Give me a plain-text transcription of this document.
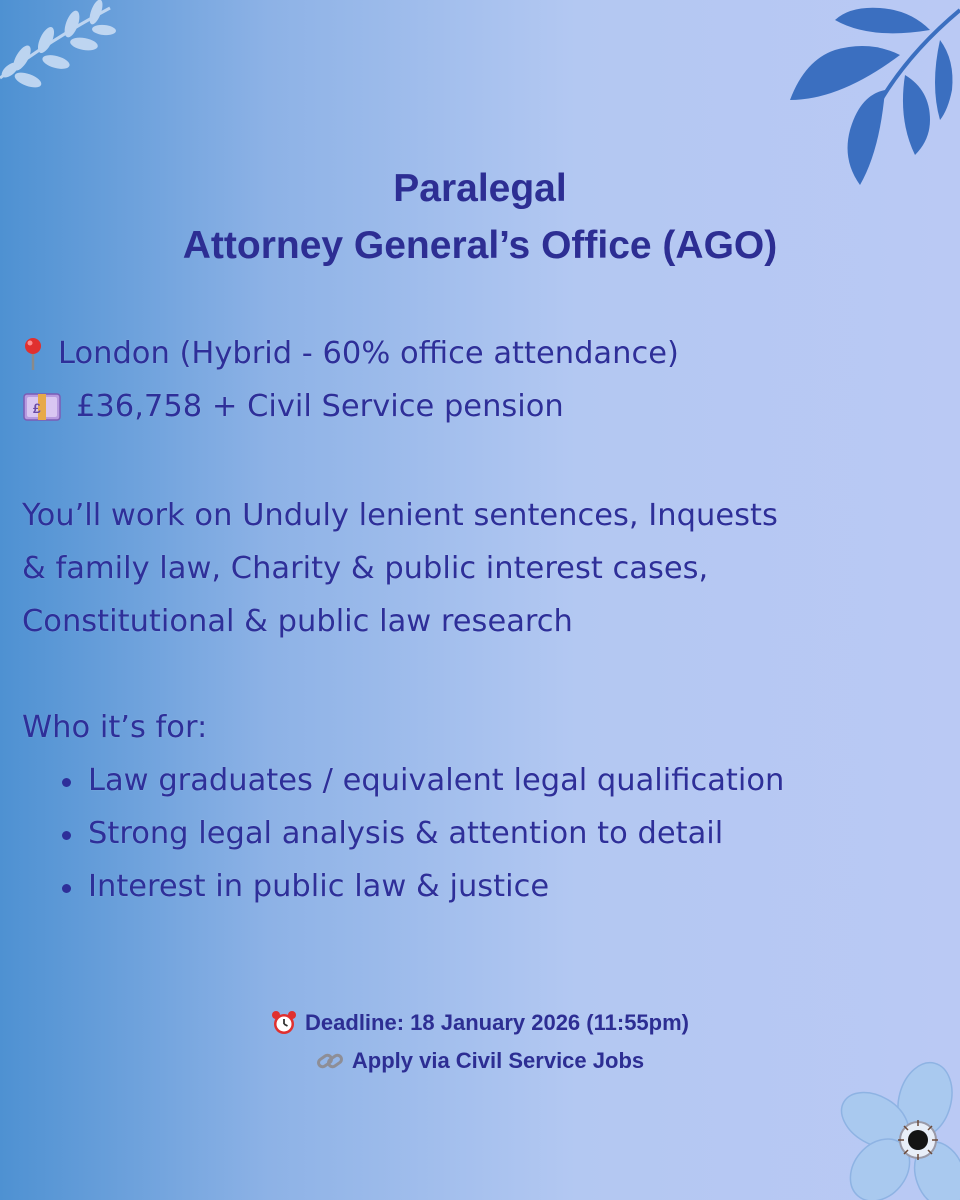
Paralegal
Attorney General’s Office (AGO)
London (Hybrid - 60% office attendance)
£ £36,758 + Civil Service pension
You’ll work on Unduly lenient sentences, Inquests
& family law, Charity & public interest cases,
Constitutional & public law research
Who it’s for:
Law graduates / equivalent legal qualification
Strong legal analysis & attention to detail
Interest in public law & justice
Deadline: 18 January 2026 (11:55pm)
Apply via Civil Service Jobs
